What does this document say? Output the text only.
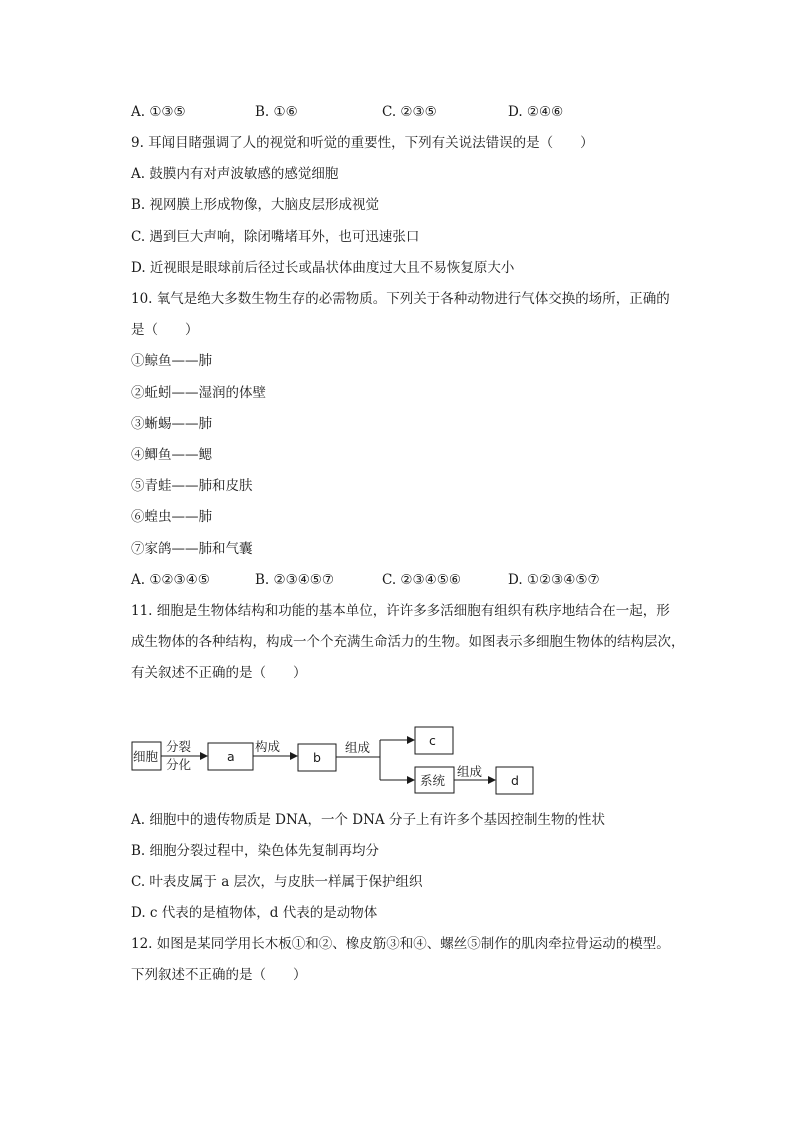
A. ①③⑤	B. ①⑥	C. ②③⑤	D. ②④⑥
9. 耳闻目睹强调了人的视觉和听觉的重要性，下列有关说法错误的是（　　）
A. 鼓膜内有对声波敏感的感觉细胞
B. 视网膜上形成物像，大脑皮层形成视觉
C. 遇到巨大声响，除闭嘴堵耳外，也可迅速张口
D. 近视眼是眼球前后径过长或晶状体曲度过大且不易恢复原大小
10. 氧气是绝大多数生物生存的必需物质。下列关于各种动物进行气体交换的场所，正确的
是（　　）
①鲸鱼——肺
②蚯蚓——湿润的体壁
③蜥蜴——肺
④鲫鱼——鳃
⑤青蛙——肺和皮肤
⑥蝗虫——肺
⑦家鸽——肺和气囊
A. ①②③④⑤	B. ②③④⑤⑦	C. ②③④⑤⑥	D. ①②③④⑤⑦
11. 细胞是生物体结构和功能的基本单位，许许多多活细胞有组织有秩序地结合在一起，形
成生物体的各种结构，构成一个个充满生命活力的生物。如图表示多细胞生物体的结构层次，
有关叙述不正确的是（　　）
细胞
分裂
分化
a
构成
b
组成	c
系统
组成
d
A. 细胞中的遗传物质是 DNA，一个 DNA 分子上有许多个基因控制生物的性状
B. 细胞分裂过程中，染色体先复制再均分
C. 叶表皮属于 a 层次，与皮肤一样属于保护组织
D. c 代表的是植物体，d 代表的是动物体
12. 如图是某同学用长木板①和②、橡皮筋③和④、螺丝⑤制作的肌肉牵拉骨运动的模型。
下列叙述不正确的是（　　）
